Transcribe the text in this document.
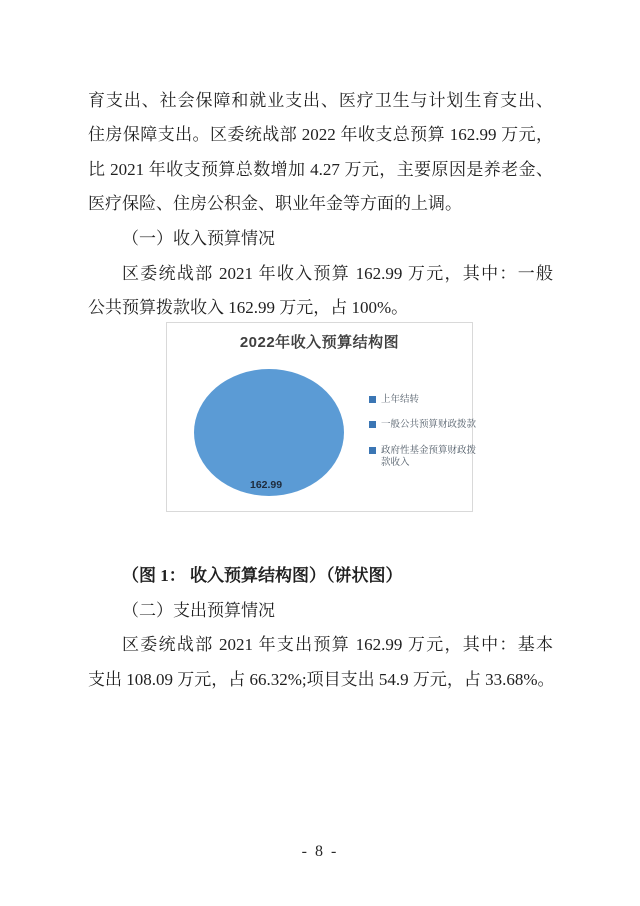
育支出、社会保障和就业支出、医疗卫生与计划生育支出、
住房保障支出。区委统战部 2022 年收支总预算 162.99 万元，
比 2021 年收支预算总数增加 4.27 万元，主要原因是养老金、
医疗保险、住房公积金、职业年金等方面的上调。
（一）收入预算情况
区委统战部 2021 年收入预算 162.99 万元，其中：一般
公共预算拨款收入 162.99 万元，占 100%。
2022年收入预算结构图
162.99
上年结转
一般公共预算财政拨款
政府性基金预算财政拨款收入
（图 1： 收入预算结构图）（饼状图）
（二）支出预算情况
区委统战部 2021 年支出预算 162.99 万元，其中：基本
支出 108.09 万元，占 66.32%;项目支出 54.9 万元，占 33.68%。
- 8 -
